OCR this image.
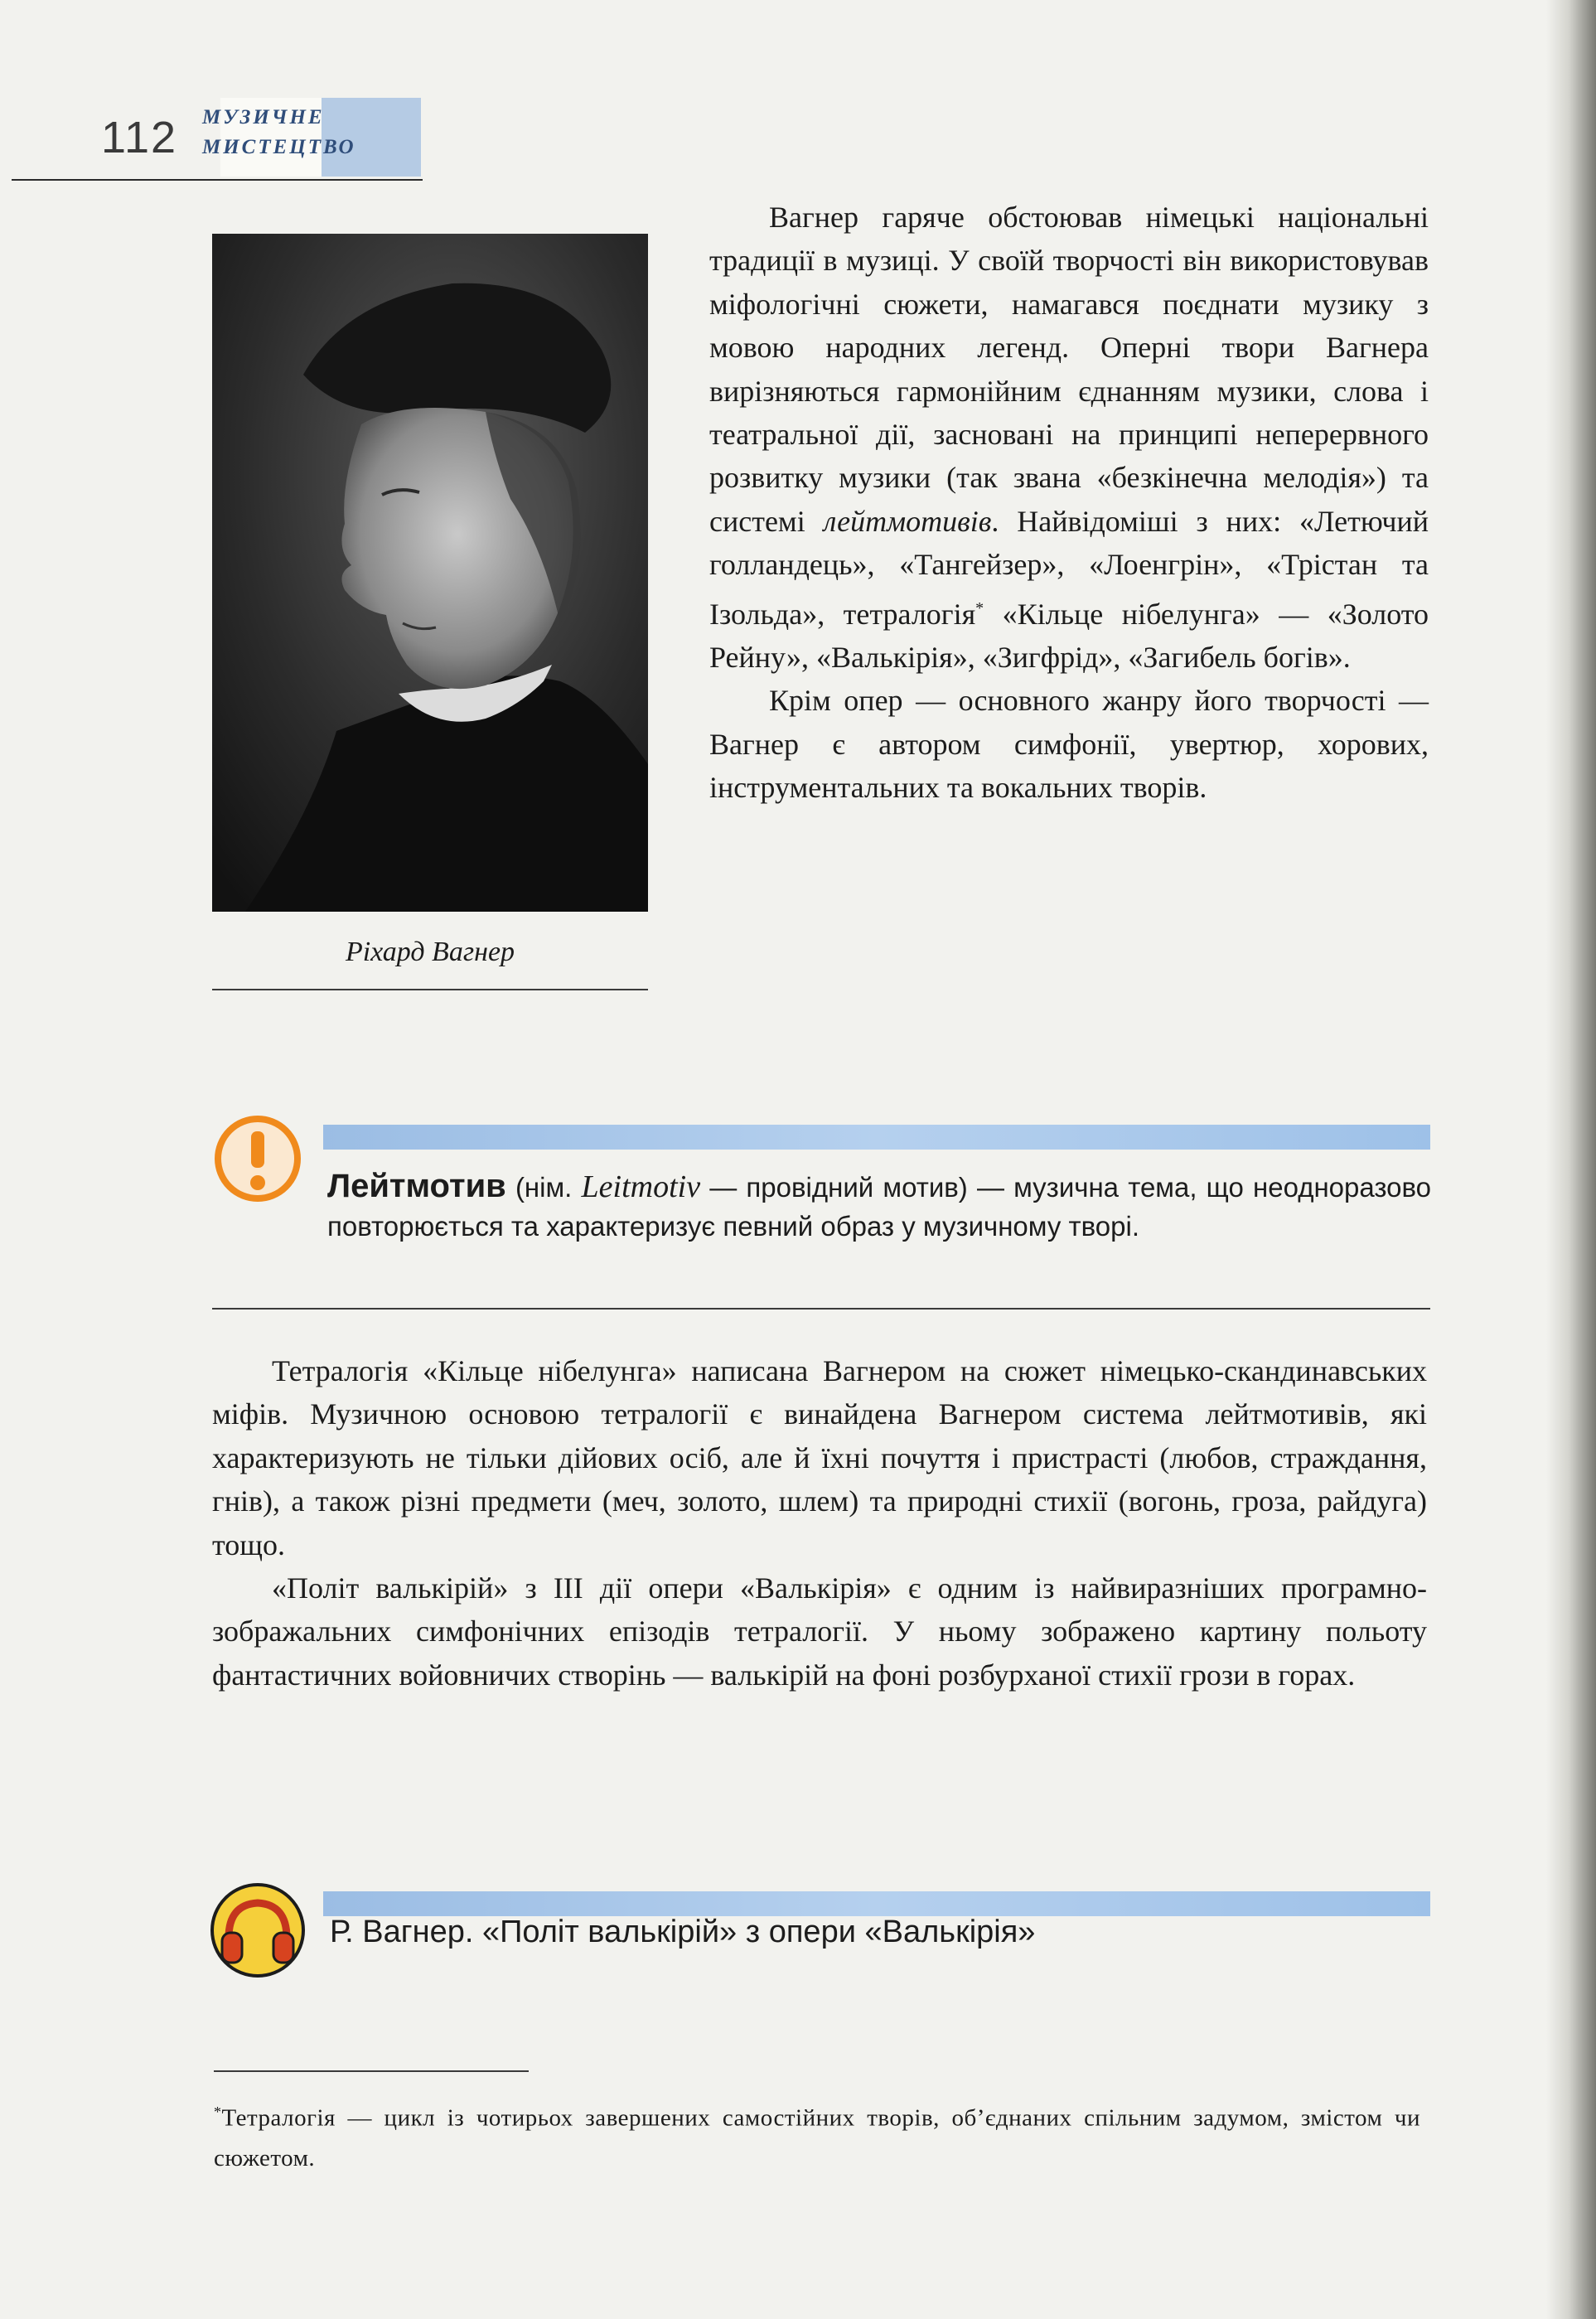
112 МУЗИЧНЕ
МИСТЕЦТВО
Ріхард Вагнер

Вагнер гаряче обстоював німецькі національні традиції в музиці. У своїй творчості він використовував міфологічні сюжети, намагався поєднати музику з мовою народних легенд. Оперні твори Вагнера вирізняються гармонійним єднанням музики, слова і театральної дії, засновані на принципі неперервного розвитку музики (так звана «безкінечна мелодія») та системі лейтмотивів. Найвідоміші з них: «Летючий голландець», «Тангейзер», «Лоенгрін», «Трістан та Ізольда», тетралогія* «Кільце нібелунга» — «Золото Рейну», «Валькірія», «Зигфрід», «Загибель богів».

Крім опер — основного жанру його творчості — Вагнер є автором симфонії, увертюр, хорових, інструментальних та вокальних творів.

Лейтмотив (нім. Leitmotiv — провідний мотив) — музична тема, що неодноразово повторюється та характеризує певний образ у музичному творі.

Тетралогія «Кільце нібелунга» написана Вагнером на сюжет німецько-скандинавських міфів. Музичною основою тетралогії є винайдена Вагнером система лейтмотивів, які характеризують не тільки дійових осіб, але й їхні почуття і пристрасті (любов, страждання, гнів), а також різні предмети (меч, золото, шлем) та природні стихії (вогонь, гроза, райдуга) тощо.

«Політ валькірій» з ІІІ дії опери «Валькірія» є одним із найвиразніших програмно-зображальних симфонічних епізодів тетралогії. У ньому зображено картину польоту фантастичних войовничих створінь — валькірій на фоні розбурханої стихії грози в горах.

Р. Вагнер. «Політ валькірій» з опери «Валькірія»
*Тетралогія — цикл із чотирьох завершених самостійних творів, об’єднаних спільним задумом, змістом чи сюжетом.
